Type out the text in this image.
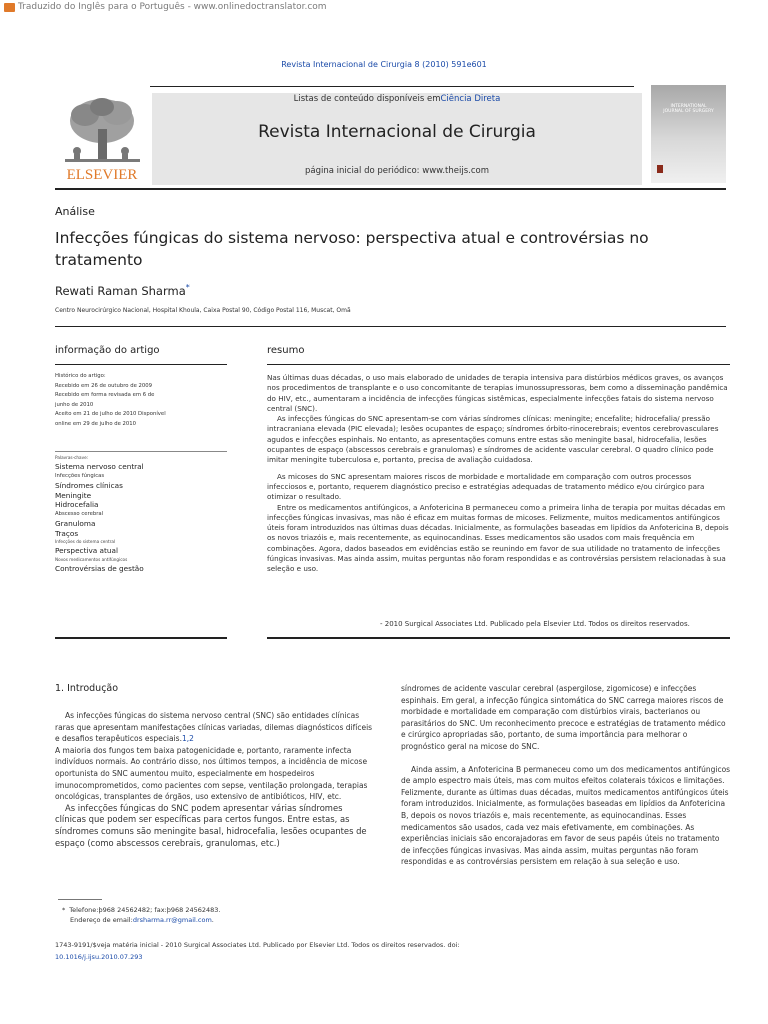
Traduzido do Inglês para o Português - www.onlinedoctranslator.com
Revista Internacional de Cirurgia 8 (2010) 591e601
ELSEVIER
Listas de conteúdo disponíveis emCiência Direta
Revista Internacional de Cirurgia
página inicial do periódico: www.theijs.com
INTERNATIONAL
JOURNAL OF SURGERY
Análise
Infecções fúngicas do sistema nervoso: perspectiva atual e controvérsias no tratamento
Rewati Raman Sharma*
Centro Neurocirúrgico Nacional, Hospital Khoula, Caixa Postal 90, Código Postal 116, Muscat, Omã
informação do artigo
Histórico do artigo:
Recebido em 26 de outubro de 2009
Recebido em forma revisada em 6 de
junho de 2010
Aceito em 21 de julho de 2010 Disponível
online em 29 de julho de 2010
Palavras-chave:
Sistema nervoso central
Infecções fúngicas
Síndromes clínicas
Meningite
Hidrocefalia
Abscesso cerebral
Granuloma
Traços
Infecções do sistema central
Perspectiva atual
Novos medicamentos antifúngicos
Controvérsias de gestão
resumo

Nas últimas duas décadas, o uso mais elaborado de unidades de terapia intensiva para distúrbios médicos graves, os avanços nos procedimentos de transplante e o uso concomitante de terapias imunossupressoras, bem como a disseminação pandêmica do HIV, etc., aumentaram a incidência de infecções fúngicas sistêmicas, especialmente infecções fatais do sistema nervoso central (SNC).

As infecções fúngicas do SNC apresentam-se com várias síndromes clínicas: meningite; encefalite; hidrocefalia/ pressão intracraniana elevada (PIC elevada); lesões ocupantes de espaço; síndromes órbito-rinocerebrais; eventos cerebrovasculares agudos e infecções espinhais. No entanto, as apresentações comuns entre estas são meningite basal, hidrocefalia, lesões ocupantes de espaço (abscessos cerebrais e granulomas) e síndromes de acidente vascular cerebral. O quadro clínico pode imitar meningite tuberculosa e, portanto, precisa de avaliação cuidadosa.

As micoses do SNC apresentam maiores riscos de morbidade e mortalidade em comparação com outros processos infecciosos e, portanto, requerem diagnóstico preciso e estratégias adequadas de tratamento médico e/ou cirúrgico para otimizar o resultado.

Entre os medicamentos antifúngicos, a Anfotericina B permaneceu como a primeira linha de terapia por muitas décadas em infecções fúngicas invasivas, mas não é eficaz em muitas formas de micoses. Felizmente, muitos medicamentos antifúngicos úteis foram introduzidos nas últimas duas décadas. Inicialmente, as formulações baseadas em lipídios da Anfotericina B, depois os novos triazóis e, mais recentemente, as equinocandinas. Esses medicamentos são usados com mais frequência em combinações. Agora, dados baseados em evidências estão se reunindo em favor de sua utilidade no tratamento de infecções fúngicas invasivas. Mas ainda assim, muitas perguntas não foram respondidas e as controvérsias persistem relacionadas à sua seleção e uso.

- 2010 Surgical Associates Ltd. Publicado pela Elsevier Ltd. Todos os direitos reservados.
1. Introdução

As infecções fúngicas do sistema nervoso central (SNC) são entidades clínicas raras que apresentam manifestações clínicas variadas, dilemas diagnósticos difíceis e desafios terapêuticos especiais.1,2

A maioria dos fungos tem baixa patogenicidade e, portanto, raramente infecta indivíduos normais. Ao contrário disso, nos últimos tempos, a incidência de micose oportunista do SNC aumentou muito, especialmente em hospedeiros imunocomprometidos, como pacientes com sepse, ventilação prolongada, terapias oncológicas, transplantes de órgãos, uso extensivo de antibióticos, HIV, etc.

As infecções fúngicas do SNC podem apresentar várias síndromes clínicas que podem ser específicas para certos fungos. Entre estas, as síndromes comuns são meningite basal, hidrocefalia, lesões ocupantes de espaço (como abscessos cerebrais, granulomas, etc.)

síndromes de acidente vascular cerebral (aspergilose, zigomicose) e infecções espinhais. Em geral, a infecção fúngica sintomática do SNC carrega maiores riscos de morbidade e mortalidade em comparação com distúrbios virais, bacterianos ou parasitários do SNC. Um reconhecimento precoce e estratégias de tratamento médico e cirúrgico apropriadas são, portanto, de suma importância para melhorar o prognóstico geral na micose do SNC.

Ainda assim, a Anfotericina B permaneceu como um dos medicamentos antifúngicos de amplo espectro mais úteis, mas com muitos efeitos colaterais tóxicos e limitações. Felizmente, durante as últimas duas décadas, muitos medicamentos antifúngicos úteis foram introduzidos. Inicialmente, as formulações baseadas em lipídios da Anfotericina B, depois os novos triazóis e, mais recentemente, as equinocandinas. Esses medicamentos são usados, cada vez mais efetivamente, em combinações. As experiências iniciais são encorajadoras em favor de seus papéis úteis no tratamento de infecções fúngicas invasivas. Mas ainda assim, muitas perguntas não foram respondidas e as controvérsias persistem em relação à sua seleção e uso.

* Telefone:þ968 24562482; fax:þ968 24562483.
Endereço de email:drsharma.rr@gmail.com.
1743-9191/$veja matéria inicial - 2010 Surgical Associates Ltd. Publicado por Elsevier Ltd. Todos os direitos reservados. doi:
10.1016/j.ijsu.2010.07.293
